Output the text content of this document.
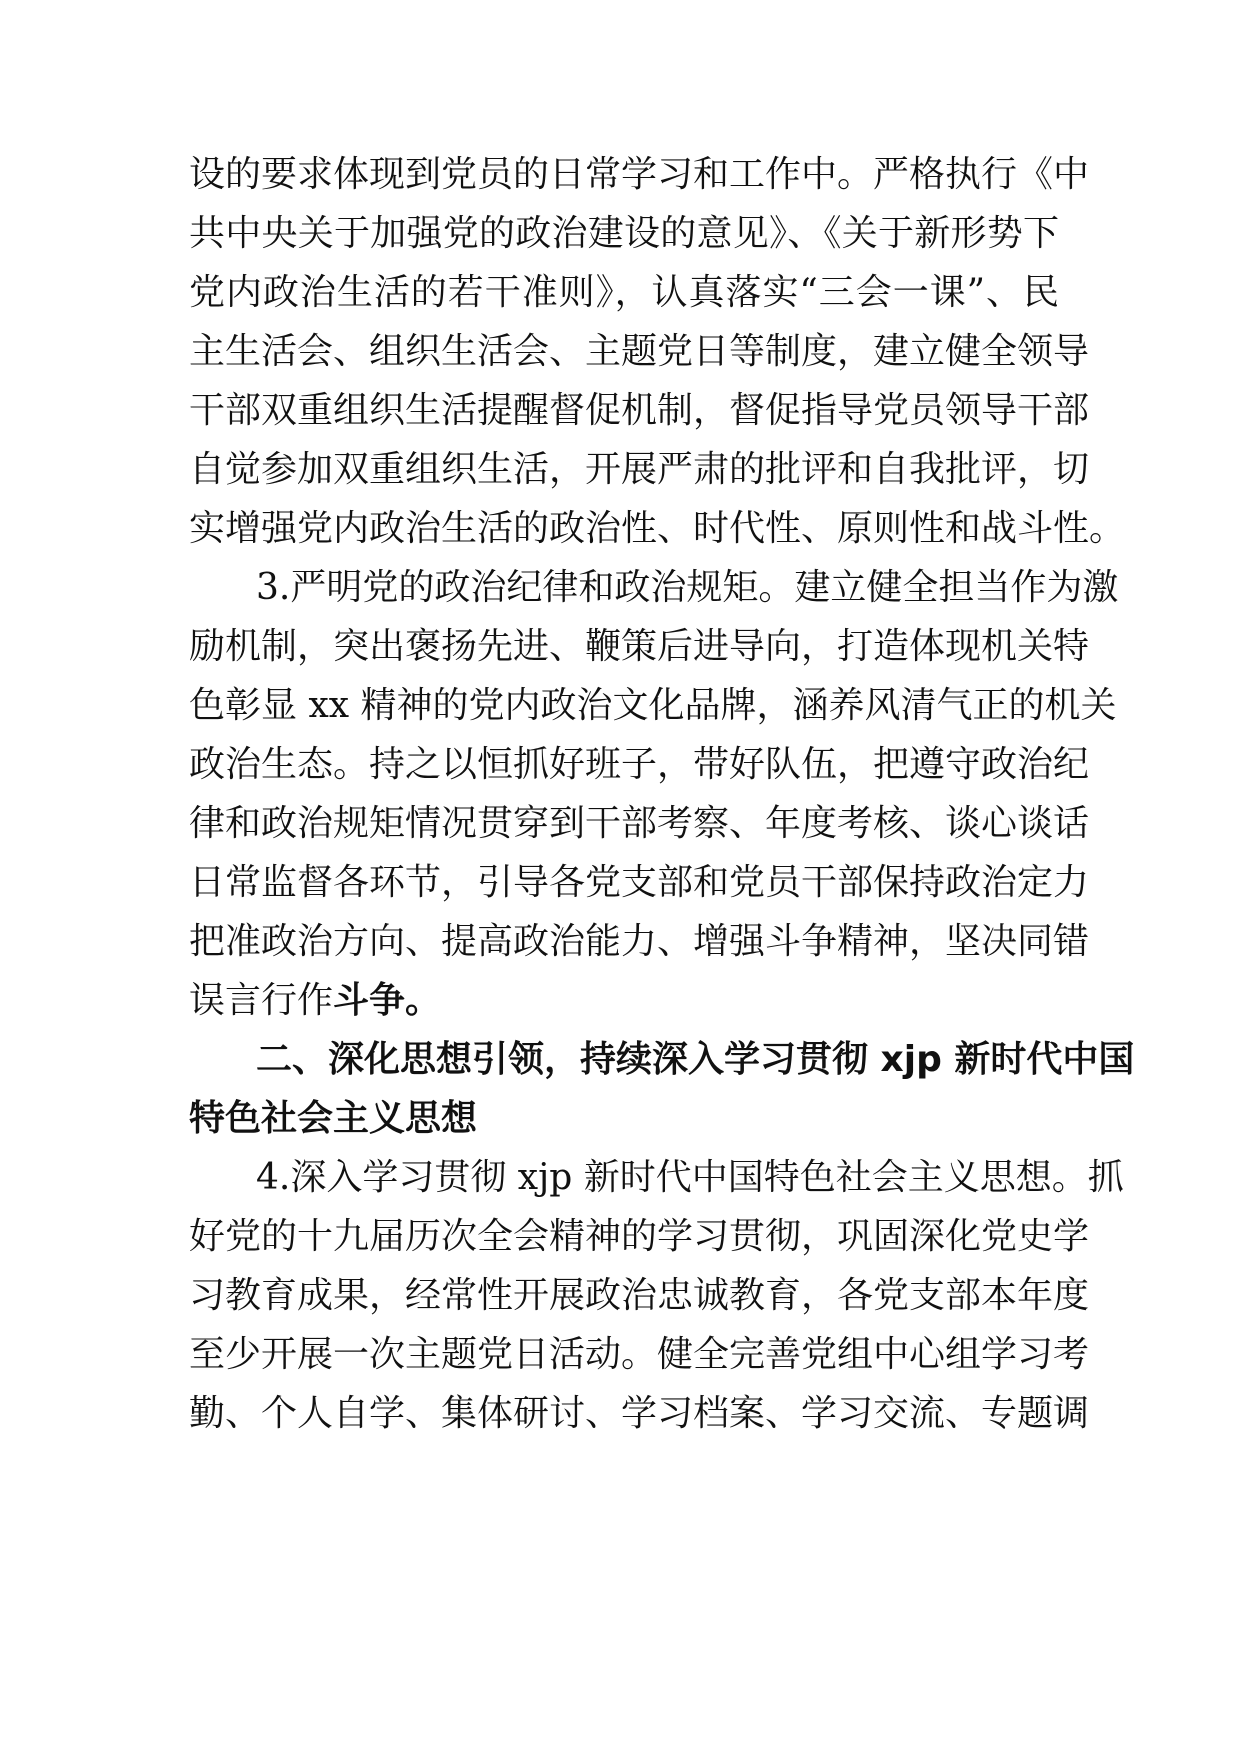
设的要求体现到党员的日常学习和工作中。严格执行《中
共中央关于加强党的政治建设的意见》、《关于新形势下
党内政治生活的若干准则》，认真落实“三会一课”、民
主生活会、组织生活会、主题党日等制度，建立健全领导
干部双重组织生活提醒督促机制，督促指导党员领导干部
自觉参加双重组织生活，开展严肃的批评和自我批评，切
实增强党内政治生活的政治性、时代性、原则性和战斗性。
3.严明党的政治纪律和政治规矩。建立健全担当作为激
励机制，突出褒扬先进、鞭策后进导向，打造体现机关特
色彰显 xx 精神的党内政治文化品牌，涵养风清气正的机关
政治生态。持之以恒抓好班子，带好队伍，把遵守政治纪
律和政治规矩情况贯穿到干部考察、年度考核、谈心谈话
日常监督各环节，引导各党支部和党员干部保持政治定力
把准政治方向、提高政治能力、增强斗争精神，坚决同错
误言行作斗争。
二、深化思想引领，持续深入学习贯彻 xjp 新时代中国
特色社会主义思想
4.深入学习贯彻 xjp 新时代中国特色社会主义思想。抓
好党的十九届历次全会精神的学习贯彻，巩固深化党史学
习教育成果，经常性开展政治忠诚教育，各党支部本年度
至少开展一次主题党日活动。健全完善党组中心组学习考
勤、个人自学、集体研讨、学习档案、学习交流、专题调
